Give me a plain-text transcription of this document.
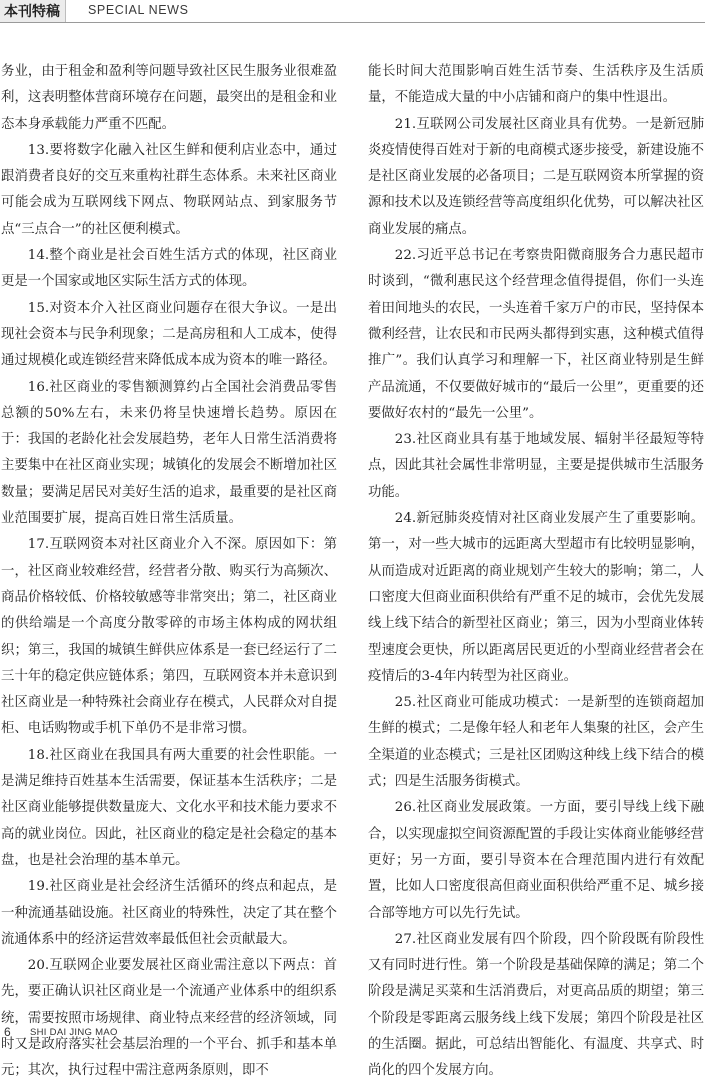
本刊特稿	SPECIAL NEWS

务业，由于租金和盈利等问题导致社区民生服务业很难盈利，这表明整体营商环境存在问题，最突出的是租金和业态本身承载能力严重不匹配。

13.要将数字化融入社区生鲜和便利店业态中，通过跟消费者良好的交互来重构社群生态体系。未来社区商业可能会成为互联网线下网点、物联网站点、到家服务节点“三点合一”的社区便利模式。

14.整个商业是社会百姓生活方式的体现，社区商业更是一个国家或地区实际生活方式的体现。

15.对资本介入社区商业问题存在很大争议。一是出现社会资本与民争利现象；二是高房租和人工成本，使得通过规模化或连锁经营来降低成本成为资本的唯一路径。

16.社区商业的零售额测算约占全国社会消费品零售总额的50%左右，未来仍将呈快速增长趋势。原因在于：我国的老龄化社会发展趋势，老年人日常生活消费将主要集中在社区商业实现；城镇化的发展会不断增加社区数量；要满足居民对美好生活的追求，最重要的是社区商业范围要扩展，提高百姓日常生活质量。

17.互联网资本对社区商业介入不深。原因如下：第一，社区商业较难经营，经营者分散、购买行为高频次、商品价格较低、价格较敏感等非常突出；第二，社区商业的供给端是一个高度分散零碎的市场主体构成的网状组织；第三，我国的城镇生鲜供应体系是一套已经运行了二三十年的稳定供应链体系；第四，互联网资本并未意识到社区商业是一种特殊社会商业存在模式，人民群众对自提柜、电话购物或手机下单仍不是非常习惯。

18.社区商业在我国具有两大重要的社会性职能。一是满足维持百姓基本生活需要，保证基本生活秩序；二是社区商业能够提供数量庞大、文化水平和技术能力要求不高的就业岗位。因此，社区商业的稳定是社会稳定的基本盘，也是社会治理的基本单元。

19.社区商业是社会经济生活循环的终点和起点，是一种流通基础设施。社区商业的特殊性，决定了其在整个流通体系中的经济运营效率最低但社会贡献最大。

20.互联网企业要发展社区商业需注意以下两点：首先，要正确认识社区商业是一个流通产业体系中的组织系统，需要按照市场规律、商业特点来经营的经济领域，同时又是政府落实社会基层治理的一个平台、抓手和基本单元；其次，执行过程中需注意两条原则，即不

能长时间大范围影响百姓生活节奏、生活秩序及生活质量，不能造成大量的中小店铺和商户的集中性退出。

21.互联网公司发展社区商业具有优势。一是新冠肺炎疫情使得百姓对于新的电商模式逐步接受，新建设施不是社区商业发展的必备项目；二是互联网资本所掌握的资源和技术以及连锁经营等高度组织化优势，可以解决社区商业发展的痛点。

22.习近平总书记在考察贵阳微商服务合力惠民超市时谈到，“微利惠民这个经营理念值得提倡，你们一头连着田间地头的农民，一头连着千家万户的市民，坚持保本微利经营，让农民和市民两头都得到实惠，这种模式值得推广”。我们认真学习和理解一下，社区商业特别是生鲜产品流通，不仅要做好城市的“最后一公里”，更重要的还要做好农村的“最先一公里”。

23.社区商业具有基于地域发展、辐射半径最短等特点，因此其社会属性非常明显，主要是提供城市生活服务功能。

24.新冠肺炎疫情对社区商业发展产生了重要影响。第一，对一些大城市的远距离大型超市有比较明显影响，从而造成对近距离的商业规划产生较大的影响；第二，人口密度大但商业面积供给有严重不足的城市，会优先发展线上线下结合的新型社区商业；第三，因为小型商业体转型速度会更快，所以距离居民更近的小型商业经营者会在疫情后的3-4年内转型为社区商业。

25.社区商业可能成功模式：一是新型的连锁商超加生鲜的模式；二是像年轻人和老年人集聚的社区，会产生全渠道的业态模式；三是社区团购这种线上线下结合的模式；四是生活服务街模式。

26.社区商业发展政策。一方面，要引导线上线下融合，以实现虚拟空间资源配置的手段让实体商业能够经营更好；另一方面，要引导资本在合理范围内进行有效配置，比如人口密度很高但商业面积供给严重不足、城乡接合部等地方可以先行先试。

27.社区商业发展有四个阶段，四个阶段既有阶段性又有同时进行性。第一个阶段是基础保障的满足；第二个阶段是满足买菜和生活消费后，对更高品质的期望；第三个阶段是零距离云服务线上线下发展；第四个阶段是社区的生活圈。据此，可总结出智能化、有温度、共享式、时尚化的四个发展方向。

6 SHI DAI JING MAO
